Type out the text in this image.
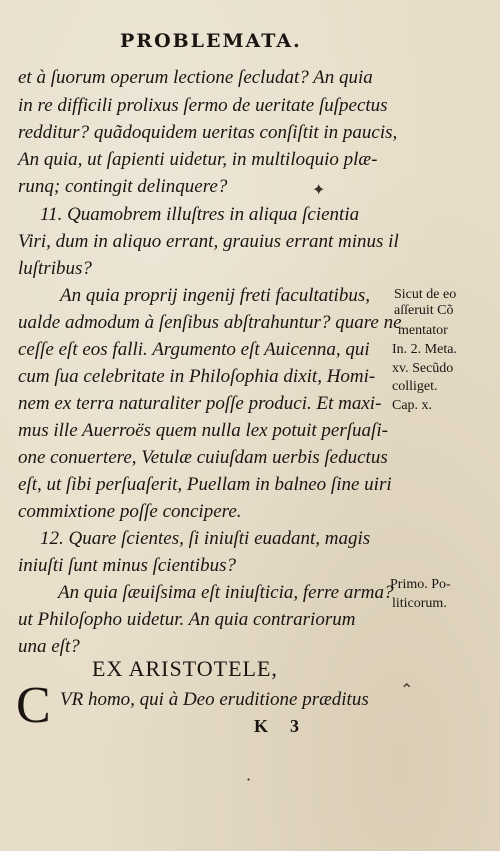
PROBLEMATA.
et à ſuorum operum lectione ſecludat? An quia
in re difficili prolixus ſermo de ueritate ſuſpectus
redditur? quãdoquidem ueritas conſiſtit in paucis,
An quia, ut ſapienti uidetur, in multiloquio plæ-
runq; contingit delinquere?
11. Quamobrem illuſtres in aliqua ſcientia
Viri, dum in aliquo errant, grauius errant minus il
luſtribus?
An quia proprij ingenij freti facultatibus,
ualde admodum à ſenſibus abſtrahuntur? quare ne
ceſſe eſt eos falli. Argumento eſt Auicenna, qui
cum ſua celebritate in Philoſophia dixit, Homi-
nem ex terra naturaliter poſſe produci. Et maxi-
mus ille Auerroës quem nulla lex potuit perſuaſi-
one conuertere, Vetulæ cuiuſdam uerbis ſeductus
eſt, ut ſibi perſuaſerit, Puellam in balneo ſine uiri
commixtione poſſe concipere.
12. Quare ſcientes, ſi iniuſti euadant, magis
iniuſti ſunt minus ſcientibus?
An quia ſæuiſsima eſt iniuſticia, ferre arma?
ut Philoſopho uidetur. An quia contrariorum
una eſt?
Sicut de eo
aſſeruit Cõ
mentator
In. 2. Meta.
xv. Secũdo
colliget.
Cap. x.
Primo. Po-
liticorum.
EX ARISTOTELE,
C VR homo, qui à Deo eruditione præditus
K 3
✦
⌃
·
